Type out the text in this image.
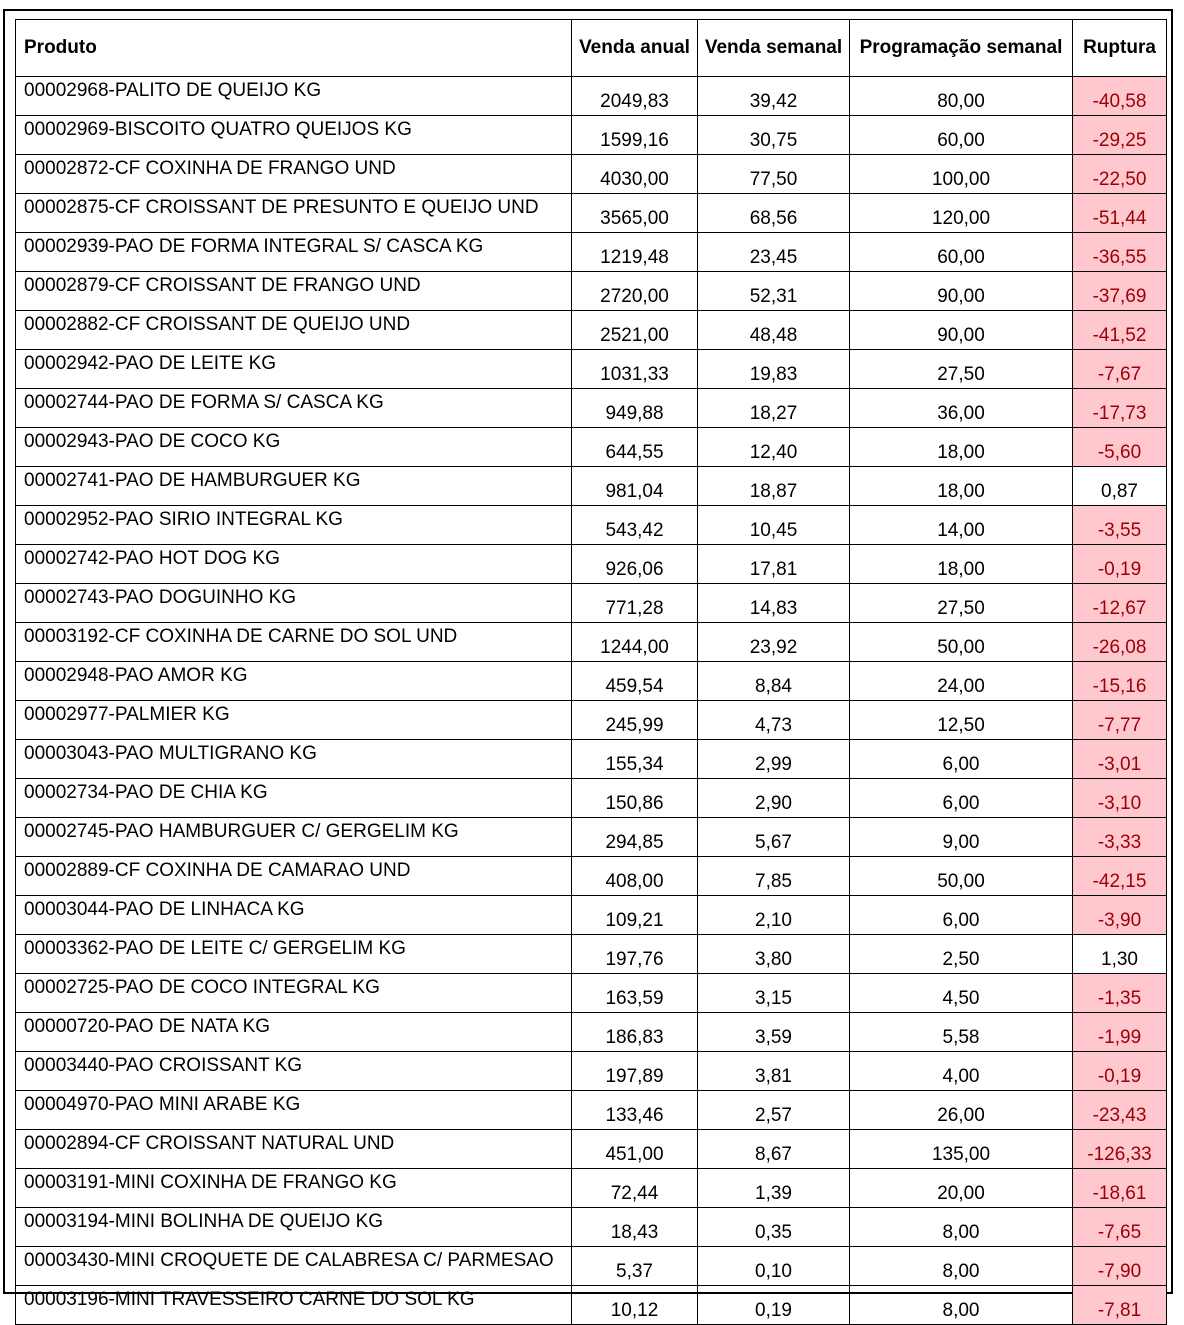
Produto	Venda anual	Venda semanal	Programação semanal	Ruptura
00002968-PALITO DE QUEIJO KG	2049,83	39,42	80,00	-40,58
00002969-BISCOITO QUATRO QUEIJOS KG	1599,16	30,75	60,00	-29,25
00002872-CF COXINHA DE FRANGO UND	4030,00	77,50	100,00	-22,50
00002875-CF CROISSANT DE PRESUNTO E QUEIJO UND	3565,00	68,56	120,00	-51,44
00002939-PAO DE FORMA INTEGRAL S/ CASCA KG	1219,48	23,45	60,00	-36,55
00002879-CF CROISSANT DE FRANGO UND	2720,00	52,31	90,00	-37,69
00002882-CF CROISSANT DE QUEIJO UND	2521,00	48,48	90,00	-41,52
00002942-PAO DE LEITE KG	1031,33	19,83	27,50	-7,67
00002744-PAO DE FORMA S/ CASCA KG	949,88	18,27	36,00	-17,73
00002943-PAO DE COCO KG	644,55	12,40	18,00	-5,60
00002741-PAO DE HAMBURGUER KG	981,04	18,87	18,00	0,87
00002952-PAO SIRIO INTEGRAL KG	543,42	10,45	14,00	-3,55
00002742-PAO HOT DOG KG	926,06	17,81	18,00	-0,19
00002743-PAO DOGUINHO KG	771,28	14,83	27,50	-12,67
00003192-CF COXINHA DE CARNE DO SOL UND	1244,00	23,92	50,00	-26,08
00002948-PAO AMOR KG	459,54	8,84	24,00	-15,16
00002977-PALMIER KG	245,99	4,73	12,50	-7,77
00003043-PAO MULTIGRANO KG	155,34	2,99	6,00	-3,01
00002734-PAO DE CHIA KG	150,86	2,90	6,00	-3,10
00002745-PAO HAMBURGUER C/ GERGELIM KG	294,85	5,67	9,00	-3,33
00002889-CF COXINHA DE CAMARAO UND	408,00	7,85	50,00	-42,15
00003044-PAO DE LINHACA KG	109,21	2,10	6,00	-3,90
00003362-PAO DE LEITE C/ GERGELIM KG	197,76	3,80	2,50	1,30
00002725-PAO DE COCO INTEGRAL KG	163,59	3,15	4,50	-1,35
00000720-PAO DE NATA KG	186,83	3,59	5,58	-1,99
00003440-PAO CROISSANT KG	197,89	3,81	4,00	-0,19
00004970-PAO MINI ARABE KG	133,46	2,57	26,00	-23,43
00002894-CF CROISSANT NATURAL UND	451,00	8,67	135,00	-126,33
00003191-MINI COXINHA DE FRANGO KG	72,44	1,39	20,00	-18,61
00003194-MINI BOLINHA DE QUEIJO KG	18,43	0,35	8,00	-7,65
00003430-MINI CROQUETE DE CALABRESA C/ PARMESAO	5,37	0,10	8,00	-7,90
00003196-MINI TRAVESSEIRO CARNE DO SOL KG	10,12	0,19	8,00	-7,81
